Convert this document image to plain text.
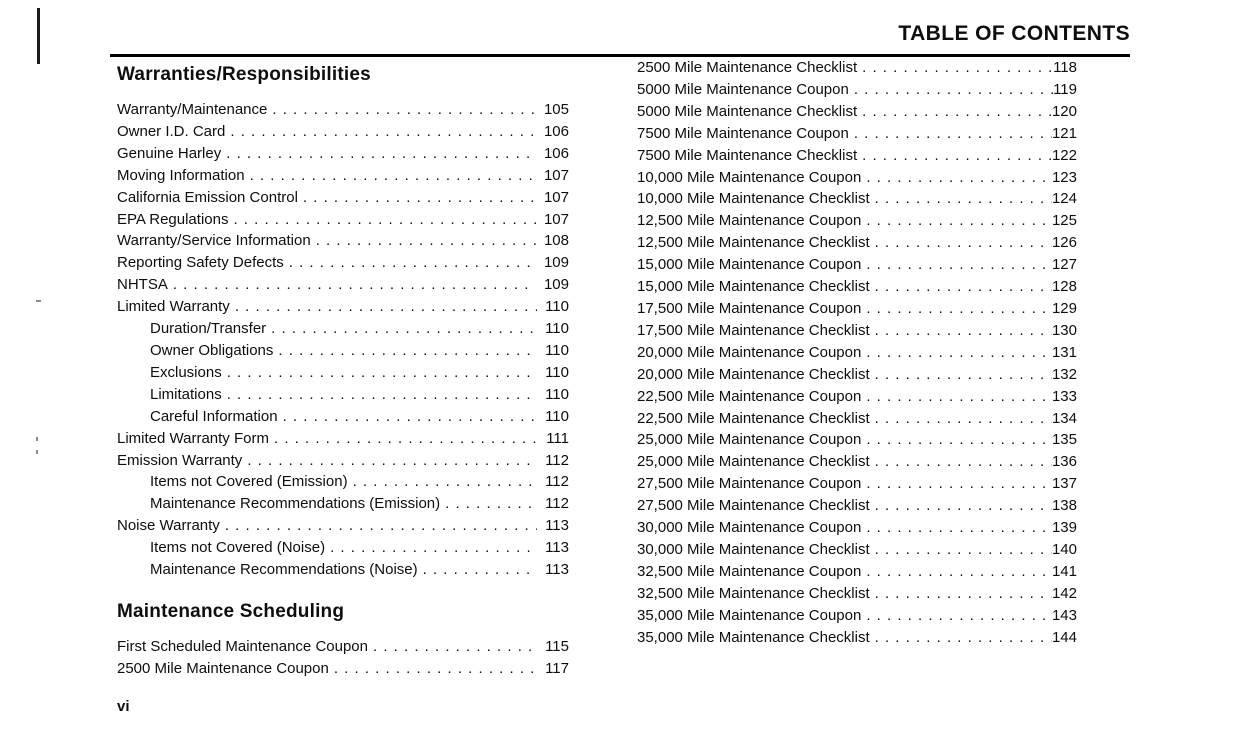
TABLE OF CONTENTS
Warranties/Responsibilities
Warranty/Maintenance . . .	105
Owner I.D. Card . . .	106
Genuine Harley . . .	106
Moving Information . . .	107
California Emission Control . . .	107
EPA Regulations . . .	107
Warranty/Service Information . . .	108
Reporting Safety Defects . . .	109
NHTSA . . .	109
Limited Warranty . . .	110
Duration/Transfer . . .	110
Owner Obligations . . .	110
Exclusions . . .	110
Limitations . . .	110
Careful Information . . .	110
Limited Warranty Form . . .	111
Emission Warranty . . .	112
Items not Covered (Emission) . . .	112
Maintenance Recommendations (Emission) . . .	112
Noise Warranty . . .	113
Items not Covered (Noise) . . .	113
Maintenance Recommendations (Noise) . . .	113
Maintenance Scheduling
First Scheduled Maintenance Coupon . . .	115
2500 Mile Maintenance Coupon . . .	117
2500 Mile Maintenance Checklist . . .	118
5000 Mile Maintenance Coupon . . .	119
5000 Mile Maintenance Checklist . . .	120
7500 Mile Maintenance Coupon . . .	121
7500 Mile Maintenance Checklist . . .	122
10,000 Mile Maintenance Coupon . . .	123
10,000 Mile Maintenance Checklist . . .	124
12,500 Mile Maintenance Coupon . . .	125
12,500 Mile Maintenance Checklist . . .	126
15,000 Mile Maintenance Coupon . . .	127
15,000 Mile Maintenance Checklist . . .	128
17,500 Mile Maintenance Coupon . . .	129
17,500 Mile Maintenance Checklist . . .	130
20,000 Mile Maintenance Coupon . . .	131
20,000 Mile Maintenance Checklist . . .	132
22,500 Mile Maintenance Coupon . . .	133
22,500 Mile Maintenance Checklist . . .	134
25,000 Mile Maintenance Coupon . . .	135
25,000 Mile Maintenance Checklist . . .	136
27,500 Mile Maintenance Coupon . . .	137
27,500 Mile Maintenance Checklist . . .	138
30,000 Mile Maintenance Coupon . . .	139
30,000 Mile Maintenance Checklist . . .	140
32,500 Mile Maintenance Coupon . . .	141
32,500 Mile Maintenance Checklist . . .	142
35,000 Mile Maintenance Coupon . . .	143
35,000 Mile Maintenance Checklist . . .	144
vi
